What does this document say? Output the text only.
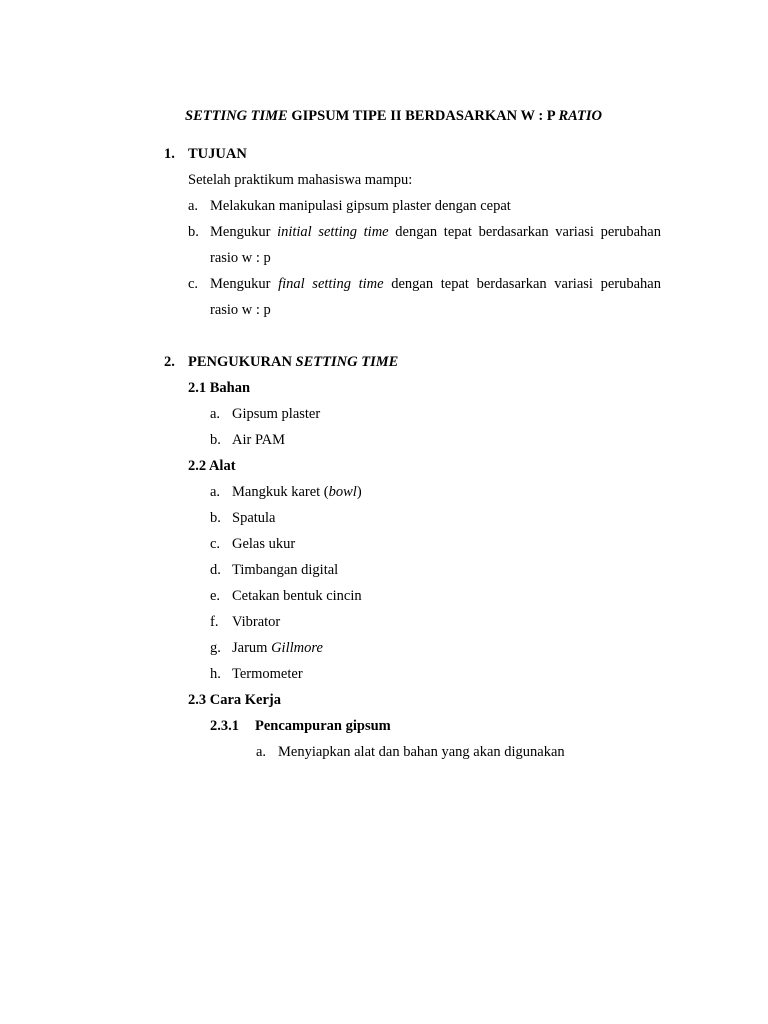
SETTING TIME GIPSUM TIPE II BERDASARKAN W : P RATIO
1. TUJUAN
Setelah praktikum mahasiswa mampu:
a. Melakukan manipulasi gipsum plaster dengan cepat
b. Mengukur initial setting time dengan tepat berdasarkan variasi perubahan
rasio w : p
c. Mengukur final setting time dengan tepat berdasarkan variasi perubahan
rasio w : p
2. PENGUKURAN SETTING TIME
2.1 Bahan
a. Gipsum plaster
b. Air PAM
2.2 Alat
a. Mangkuk karet (bowl)
b. Spatula
c. Gelas ukur
d. Timbangan digital
e. Cetakan bentuk cincin
f. Vibrator
g. Jarum Gillmore
h. Termometer
2.3 Cara Kerja
2.3.1 Pencampuran gipsum
a. Menyiapkan alat dan bahan yang akan digunakan
